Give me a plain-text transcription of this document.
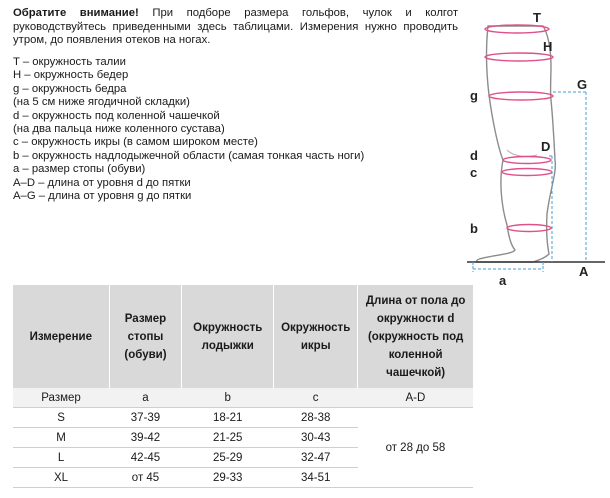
Обратите внимание! При подборе размера гольфов, чулок и колгот руководствуйтесь приведенными здесь таблицами. Измерения нужно проводить утром, до появления отеков на ногах.
T – окружность талии
H – окружность бедер
g – окружность бедра
(на 5 см ниже ягодичной складки)
d – окружность под коленной чашечкой
(на два пальца ниже коленного сустава)
c – окружность икры (в самом широком месте)
b – окружность надлодыжечной области (самая тонкая часть ноги)
a – размер стопы (обуви)
A–D – длина от уровня d до пятки
A–G – длина от уровня g до пятки
T
H
g
G
d
D
c
b
a
A
Измерение	Размер стопы (обуви)	Окружность лодыжки	Окружность икры	Длина от пола до окружности d (окружность под коленной чашечкой)
Размер	a	b	c	A-D
S	37-39	18-21	28-38	от 28 до 58
M	39-42	21-25	30-43	
L	42-45	25-29	32-47	
XL	от 45	29-33	34-51	
